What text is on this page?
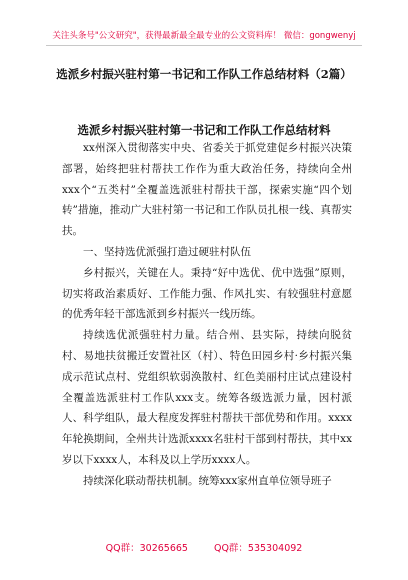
关注头条号"公文研究"，获得最新最全最专业的公文资料库！ 微信：gongwenyj
选派乡村振兴驻村第一书记和工作队工作总结材料（2篇）
选派乡村振兴驻村第一书记和工作队工作总结材料

xx州深入贯彻落实中央、省委关于抓党建促乡村振兴决策部署，始终把驻村帮扶工作作为重大政治任务，持续向全州xxx个“五类村”全覆盖选派驻村帮扶干部，探索实施“四个划转”措施，推动广大驻村第一书记和工作队员扎根一线、真帮实扶。

一、坚持选优派强打造过硬驻村队伍

乡村振兴，关键在人。秉持“好中选优、优中选强”原则，切实将政治素质好、工作能力强、作风扎实、有较强驻村意愿的优秀年轻干部选派到乡村振兴一线历练。

持续选优派强驻村力量。结合州、县实际，持续向脱贫村、易地扶贫搬迁安置社区（村）、特色田园乡村·乡村振兴集成示范试点村、党组织软弱涣散村、红色美丽村庄试点建设村全覆盖选派驻村工作队xxx支。统筹各级选派力量，因村派人、科学组队，最大程度发挥驻村帮扶干部优势和作用。xxxx年轮换期间，全州共计选派xxxx名驻村干部到村帮扶，其中xx岁以下xxxx人，本科及以上学历xxxx人。

持续深化联动帮扶机制。统筹xxx家州直单位领导班子

QQ群：30265665	QQ群：535304092
